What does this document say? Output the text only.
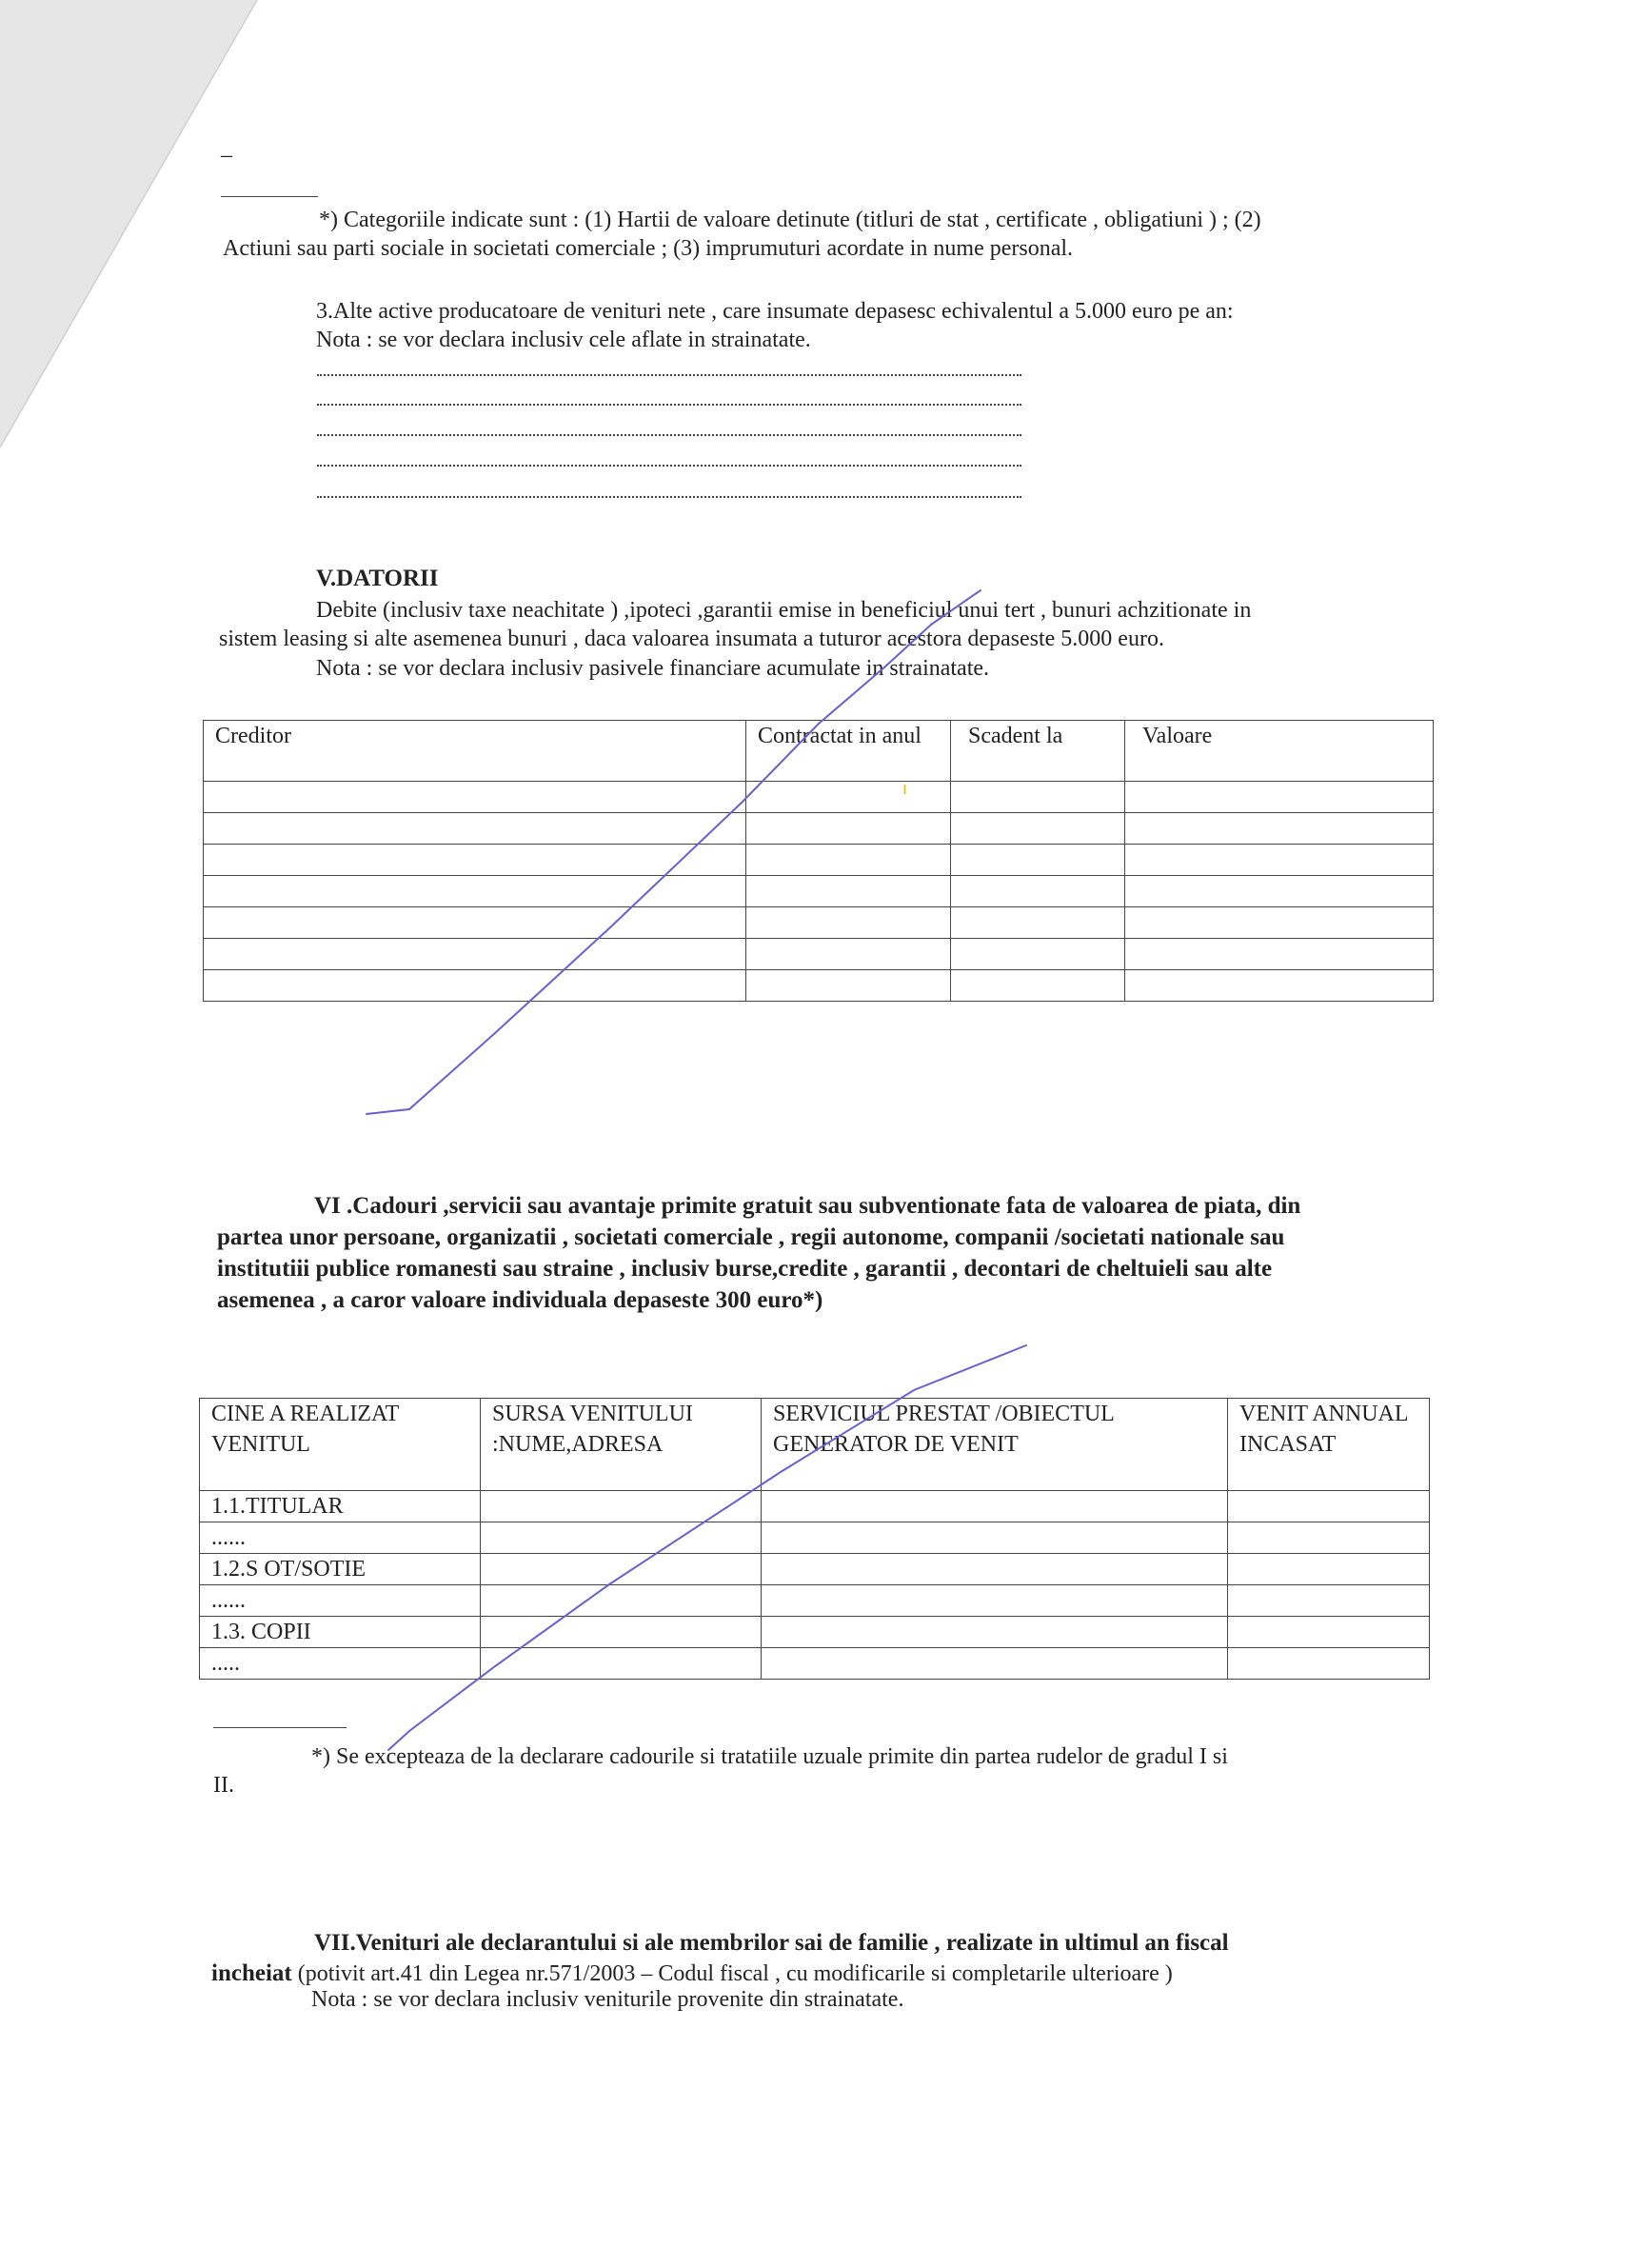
–
*) Categoriile indicate sunt : (1) Hartii de valoare detinute (titluri de stat , certificate , obligatiuni ) ; (2)
Actiuni sau parti sociale in societati comerciale ; (3) imprumuturi acordate in nume personal.
3.Alte active producatoare de venituri nete , care insumate depasesc echivalentul a 5.000 euro pe an:
Nota : se vor declara inclusiv cele aflate in strainatate.
V.DATORII
Debite (inclusiv taxe neachitate ) ,ipoteci ,garantii emise in beneficiul unui tert , bunuri achzitionate in
sistem leasing si alte asemenea bunuri , daca valoarea insumata a tuturor acestora depaseste 5.000 euro.
Nota : se vor declara inclusiv pasivele financiare acumulate in strainatate.
Creditor	Contractat in anul	Scadent la	Valoare

VI .Cadouri ,servicii sau avantaje primite gratuit sau subventionate fata de valoarea de piata, din
partea unor persoane, organizatii , societati comerciale , regii autonome, companii /societati nationale sau
institutiii publice romanesti sau straine , inclusiv burse,credite , garantii , decontari de cheltuieli sau alte
asemenea , a caror valoare individuala depaseste 300 euro*)
CINE A REALIZAT VENITUL	SURSA VENITULUI :NUME,ADRESA	SERVICIUL PRESTAT /OBIECTUL GENERATOR DE VENIT	VENIT ANNUAL INCASAT
1.1.TITULAR			
......			
1.2.S OT/SOTIE			
......			
1.3. COPII			
.....			
*) Se excepteaza de la declarare cadourile si tratatiile uzuale primite din partea rudelor de gradul I si
II.
VII.Venituri ale declarantului si ale membrilor sai de familie , realizate in ultimul an fiscal
incheiat (potivit art.41 din Legea nr.571/2003 – Codul fiscal , cu modificarile si completarile ulterioare )
Nota : se vor declara inclusiv veniturile provenite din strainatate.
ı
